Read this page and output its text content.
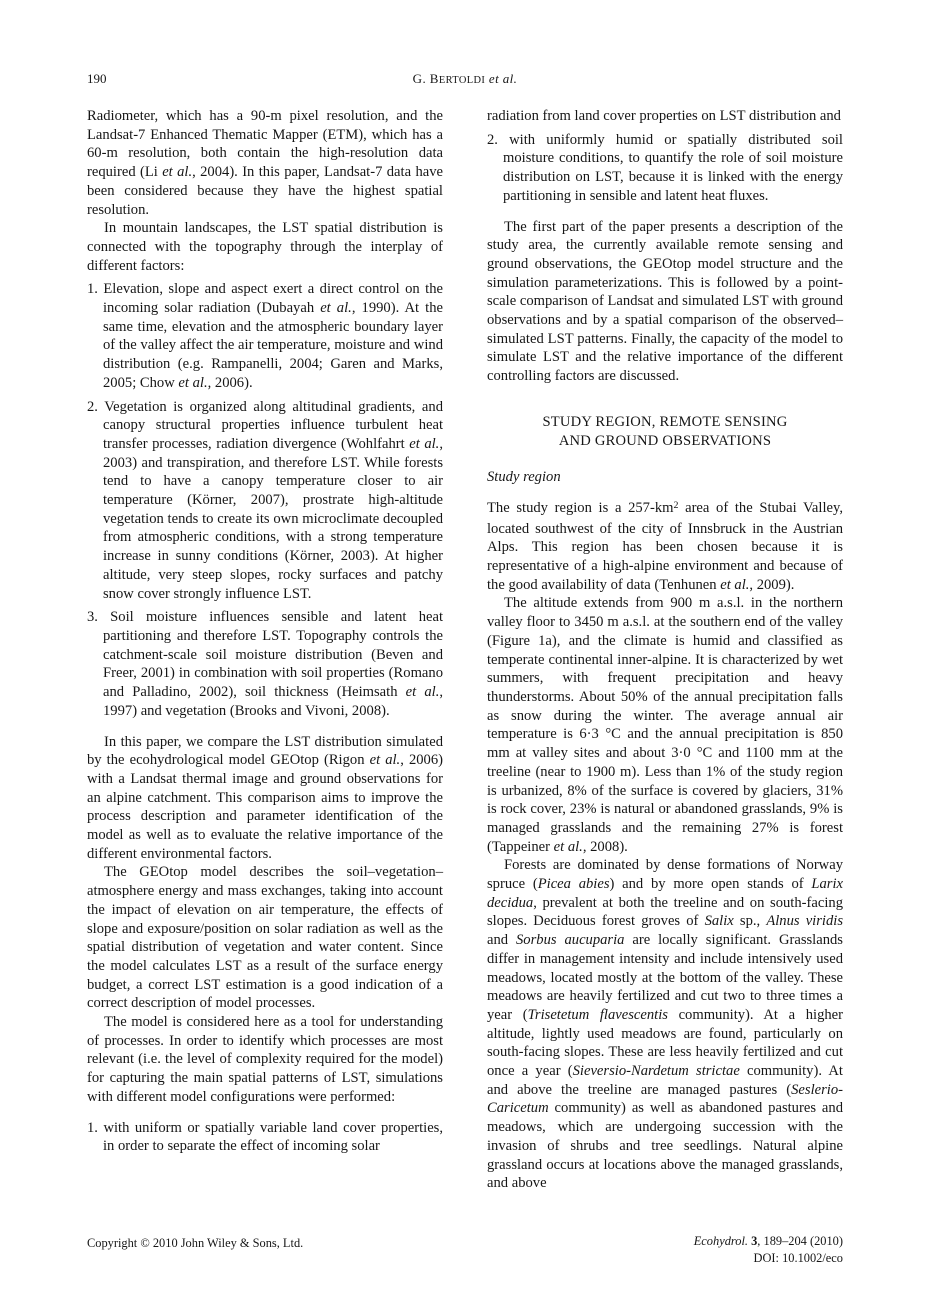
190	G. BERTOLDI et al.
Radiometer, which has a 90-m pixel resolution, and the Landsat-7 Enhanced Thematic Mapper (ETM), which has a 60-m resolution, both contain the high-resolution data required (Li et al., 2004). In this paper, Landsat-7 data have been considered because they have the highest spatial resolution.
In mountain landscapes, the LST spatial distribution is connected with the topography through the interplay of different factors:
1. Elevation, slope and aspect exert a direct control on the incoming solar radiation (Dubayah et al., 1990). At the same time, elevation and the atmospheric boundary layer of the valley affect the air temperature, moisture and wind distribution (e.g. Rampanelli, 2004; Garen and Marks, 2005; Chow et al., 2006).
2. Vegetation is organized along altitudinal gradients, and canopy structural properties influence turbulent heat transfer processes, radiation divergence (Wohlfahrt et al., 2003) and transpiration, and therefore LST. While forests tend to have a canopy temperature closer to air temperature (Körner, 2007), prostrate high-altitude vegetation tends to create its own microclimate decoupled from atmospheric conditions, with a strong temperature increase in sunny conditions (Körner, 2003). At higher altitude, very steep slopes, rocky surfaces and patchy snow cover strongly influence LST.
3. Soil moisture influences sensible and latent heat partitioning and therefore LST. Topography controls the catchment-scale soil moisture distribution (Beven and Freer, 2001) in combination with soil properties (Romano and Palladino, 2002), soil thickness (Heimsath et al., 1997) and vegetation (Brooks and Vivoni, 2008).
In this paper, we compare the LST distribution simulated by the ecohydrological model GEOtop (Rigon et al., 2006) with a Landsat thermal image and ground observations for an alpine catchment. This comparison aims to improve the process description and parameter identification of the model as well as to evaluate the relative importance of the different environmental factors.
The GEOtop model describes the soil–vegetation–atmosphere energy and mass exchanges, taking into account the impact of elevation on air temperature, the effects of slope and exposure/position on solar radiation as well as the spatial distribution of vegetation and water content. Since the model calculates LST as a result of the surface energy budget, a correct LST estimation is a good indication of a correct description of model processes.
The model is considered here as a tool for understanding of processes. In order to identify which processes are most relevant (i.e. the level of complexity required for the model) for capturing the main spatial patterns of LST, simulations with different model configurations were performed:
1. with uniform or spatially variable land cover properties, in order to separate the effect of incoming solar
radiation from land cover properties on LST distribution and
2. with uniformly humid or spatially distributed soil moisture conditions, to quantify the role of soil moisture distribution on LST, because it is linked with the energy partitioning in sensible and latent heat fluxes.
The first part of the paper presents a description of the study area, the currently available remote sensing and ground observations, the GEOtop model structure and the simulation parameterizations. This is followed by a point-scale comparison of Landsat and simulated LST with ground observations and by a spatial comparison of the observed–simulated LST patterns. Finally, the capacity of the model to simulate LST and the relative importance of the different controlling factors are discussed.
STUDY REGION, REMOTE SENSING
AND GROUND OBSERVATIONS
Study region
The study region is a $257-km^2$ area of the Stubai Valley, located southwest of the city of Innsbruck in the Austrian Alps. This region has been chosen because it is representative of a high-alpine environment and because of the good availability of data (Tenhunen et al., 2009).
The altitude extends from 900 m a.s.l. in the northern valley floor to 3450 m a.s.l. at the southern end of the valley (Figure 1a), and the climate is humid and classified as temperate continental inner-alpine. It is characterized by wet summers, with frequent precipitation and heavy thunderstorms. About 50% of the annual precipitation falls as snow during the winter. The average annual air temperature is 6·3 °C and the annual precipitation is 850 mm at valley sites and about 3·0 °C and 1100 mm at the treeline (near to 1900 m). Less than 1% of the study region is urbanized, 8% of the surface is covered by glaciers, 31% is rock cover, 23% is natural or abandoned grasslands, 9% is managed grasslands and the remaining 27% is forest (Tappeiner et al., 2008).
Forests are dominated by dense formations of Norway spruce (Picea abies) and by more open stands of Larix decidua, prevalent at both the treeline and on south-facing slopes. Deciduous forest groves of Salix sp., Alnus viridis and Sorbus aucuparia are locally significant. Grasslands differ in management intensity and include intensively used meadows, located mostly at the bottom of the valley. These meadows are heavily fertilized and cut two to three times a year (Trisetetum flavescentis community). At a higher altitude, lightly used meadows are found, particularly on south-facing slopes. These are less heavily fertilized and cut once a year (Sieversio-Nardetum strictae community). At and above the treeline are managed pastures (Seslerio-Caricetum community) as well as abandoned pastures and meadows, which are undergoing succession with the invasion of shrubs and tree seedlings. Natural alpine grassland occurs at locations above the managed grasslands, and above
Copyright © 2010 John Wiley & Sons, Ltd.	Ecohydrol. 3, 189–204 (2010)
DOI: 10.1002/eco
